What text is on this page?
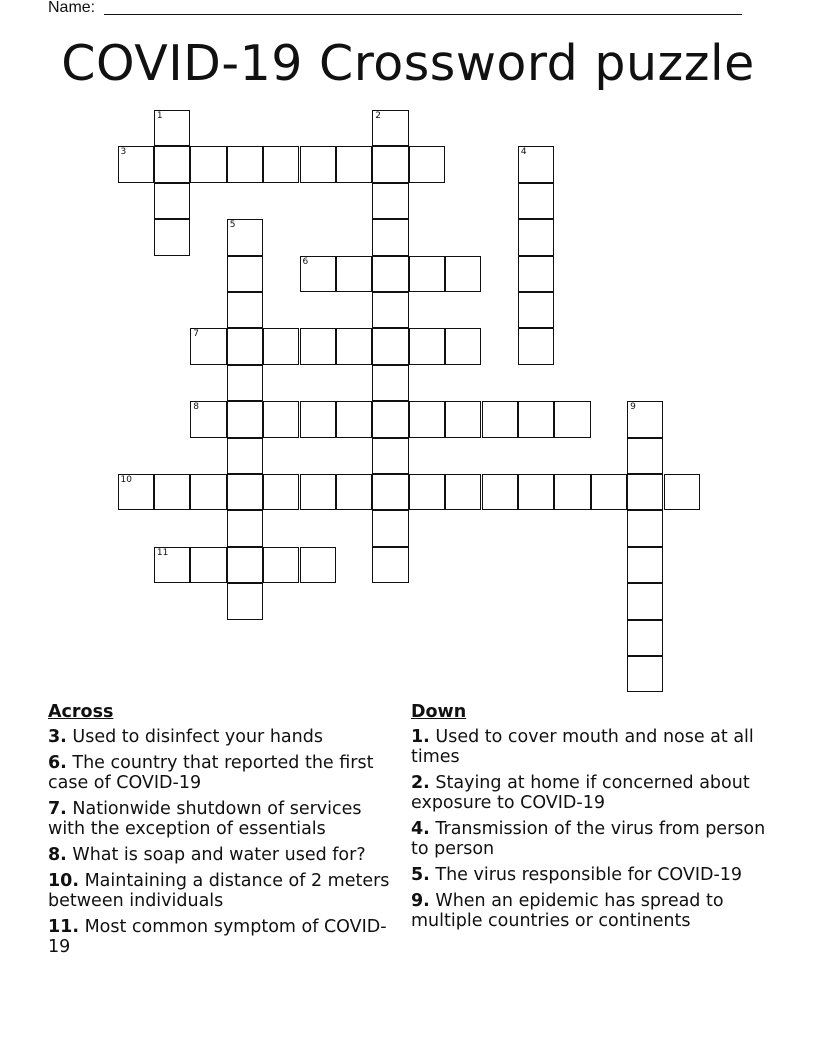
Name:
COVID-19 Crossword puzzle
1	2
3	4
5
6
7
8	9
10
11
Across
3. Used to disinfect your hands
6. The country that reported the first case of COVID-19
7. Nationwide shutdown of services with the exception of essentials
8. What is soap and water used for?
10. Maintaining a distance of 2 meters between individuals
11. Most common symptom of COVID-19
Down
1. Used to cover mouth and nose at all times
2. Staying at home if concerned about exposure to COVID-19
4. Transmission of the virus from person to person
5. The virus responsible for COVID-19
9. When an epidemic has spread to multiple countries or continents
